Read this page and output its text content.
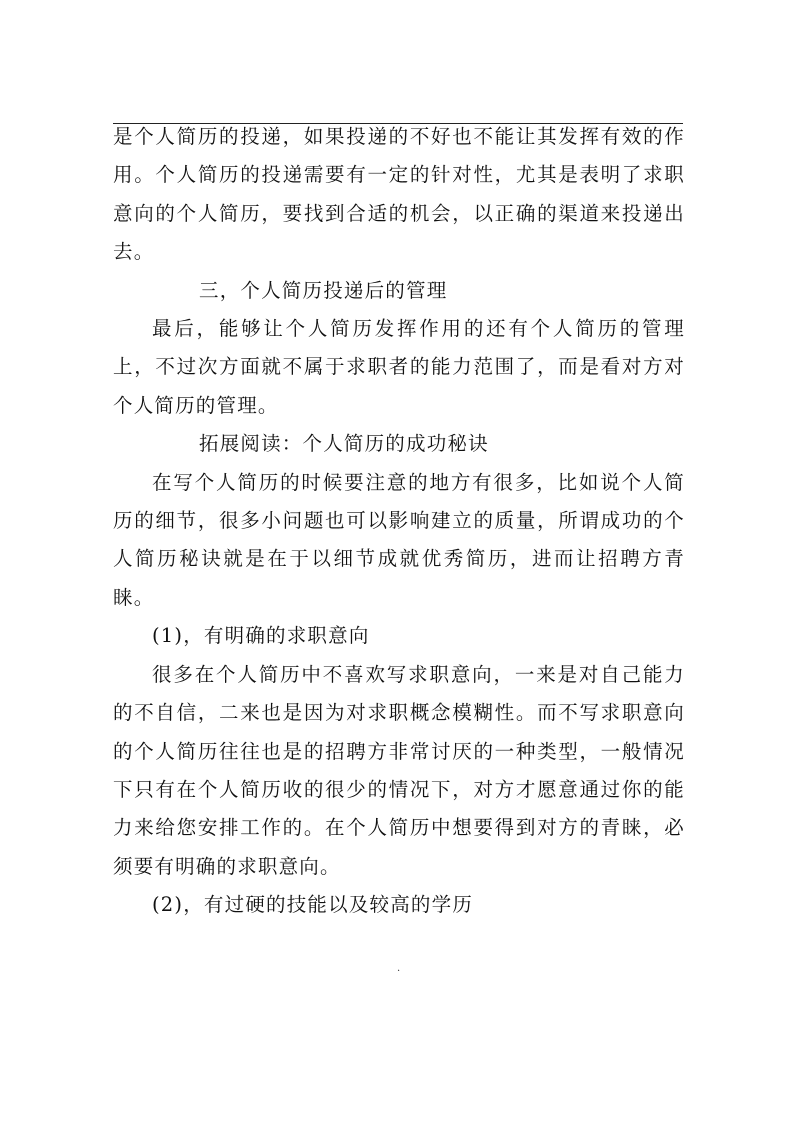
是个人简历的投递，如果投递的不好也不能让其发挥有效的作用。个人简历的投递需要有一定的针对性，尤其是表明了求职意向的个人简历，要找到合适的机会，以正确的渠道来投递出去。

三，个人简历投递后的管理

最后，能够让个人简历发挥作用的还有个人简历的管理上，不过次方面就不属于求职者的能力范围了，而是看对方对个人简历的管理。

拓展阅读：个人简历的成功秘诀

在写个人简历的时候要注意的地方有很多，比如说个人简历的细节，很多小问题也可以影响建立的质量，所谓成功的个人简历秘诀就是在于以细节成就优秀简历，进而让招聘方青睐。

(1)，有明确的求职意向

很多在个人简历中不喜欢写求职意向，一来是对自己能力的不自信，二来也是因为对求职概念模糊性。而不写求职意向的个人简历往往也是的招聘方非常讨厌的一种类型，一般情况下只有在个人简历收的很少的情况下，对方才愿意通过你的能力来给您安排工作的。在个人简历中想要得到对方的青睐，必须要有明确的求职意向。

(2)，有过硬的技能以及较高的学历

.
